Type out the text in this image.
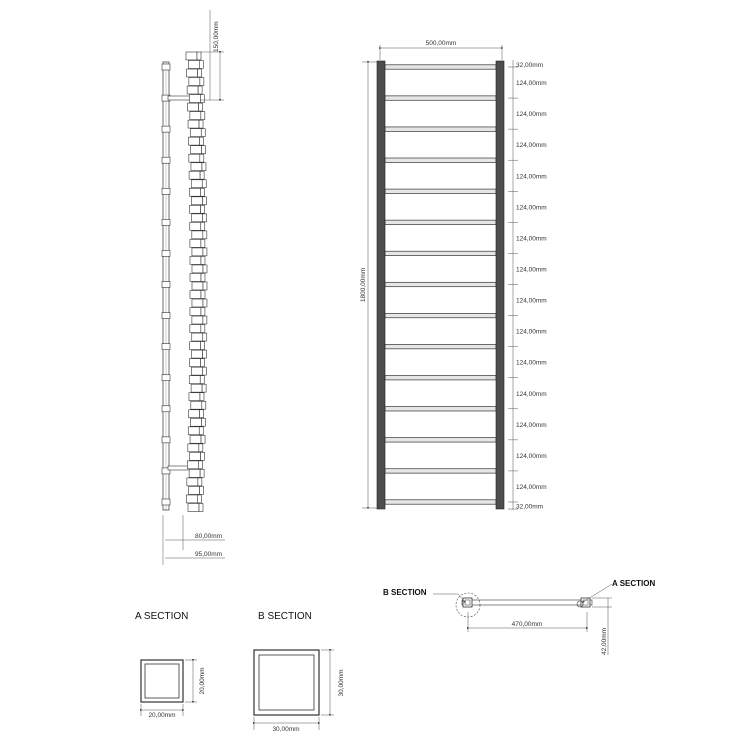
150,00mm
80,00mm
95,00mm
500,00mm
1800,00mm
32,00mm
124,00mm
124,00mm
124,00mm
124,00mm
124,00mm
124,00mm
124,00mm
124,00mm
124,00mm
124,00mm
124,00mm
124,00mm
124,00mm
124,00mm
32,00mm
B SECTION
A SECTION
470,00mm
42,00mm
A SECTION
20,00mm
20,00mm
B SECTION
30,00mm
30,00mm
